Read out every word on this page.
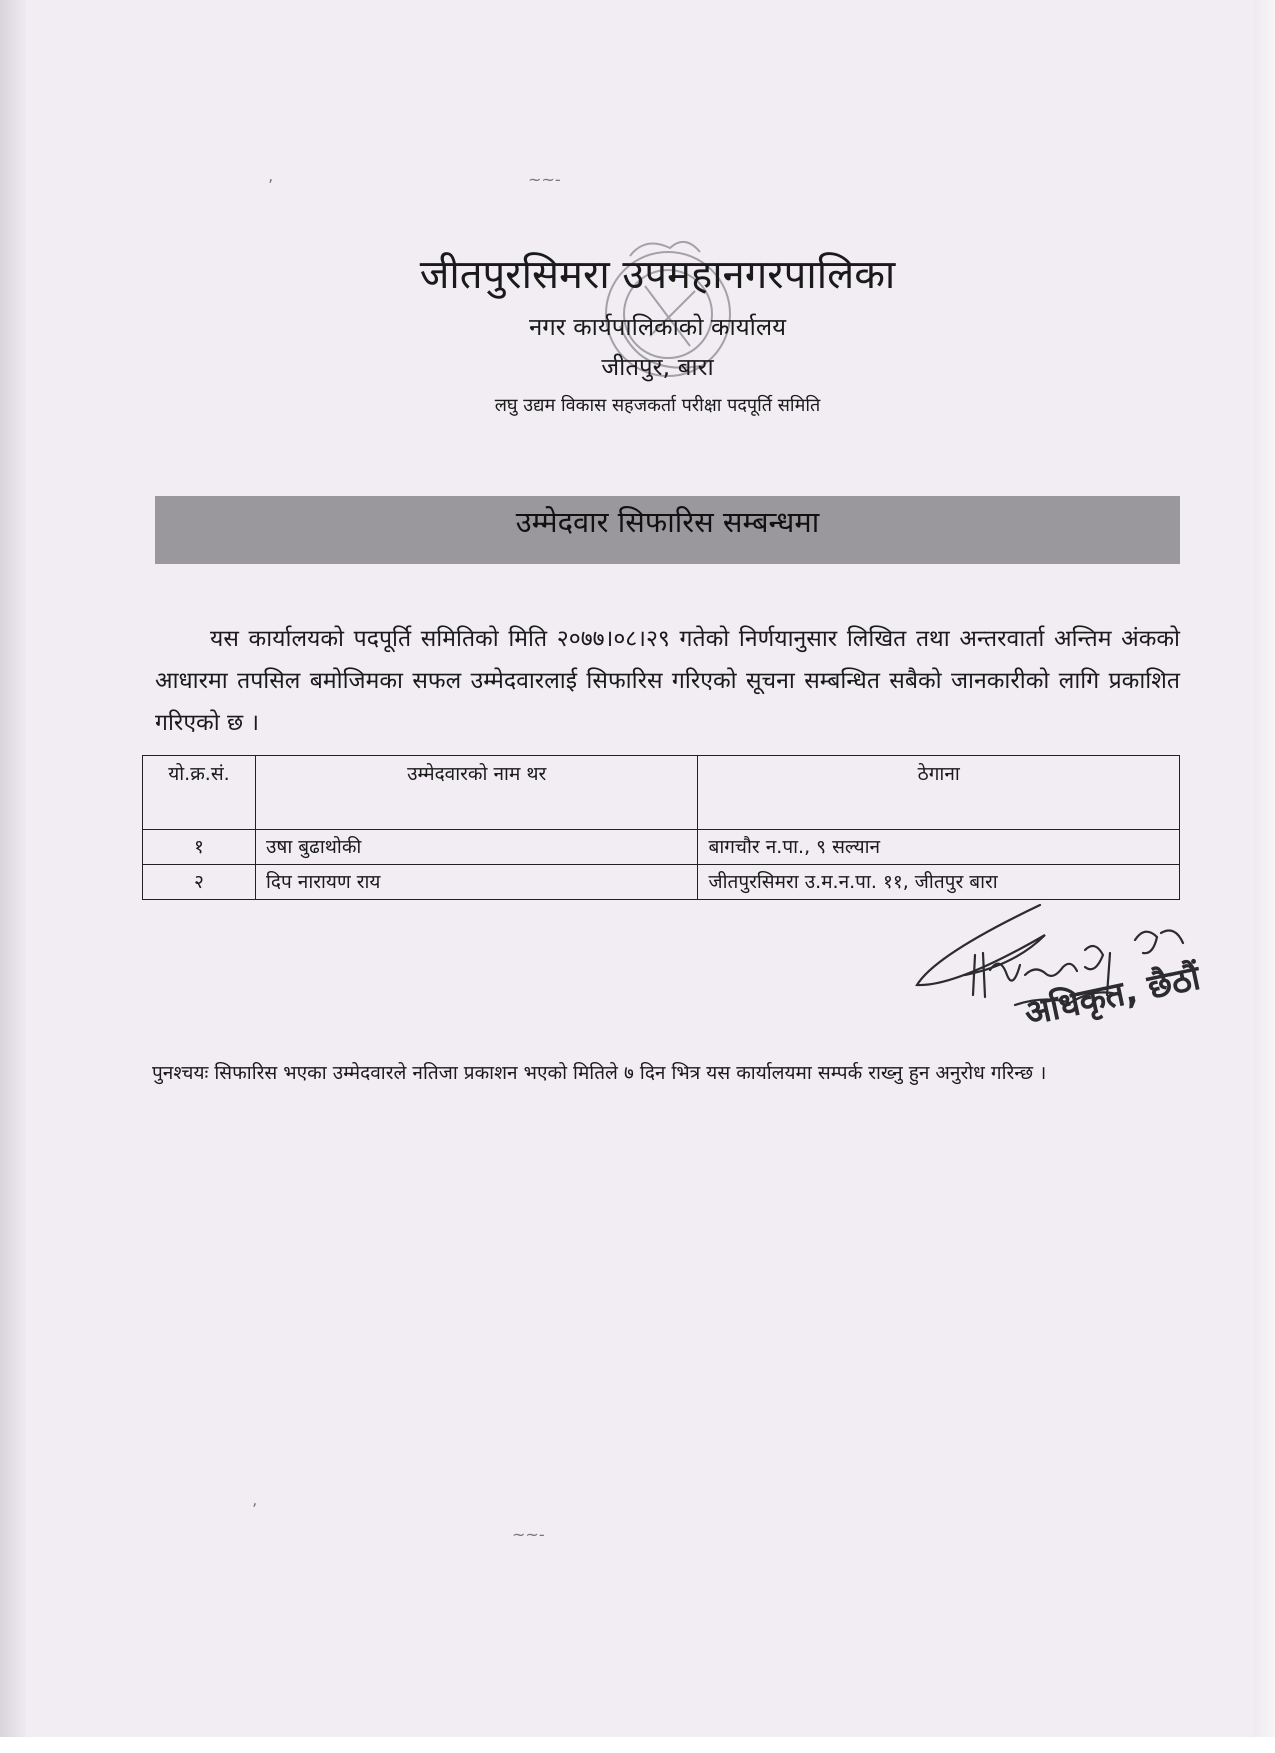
ʼ	~~-
ʼ
~~-
जीतपुरसिमरा उपमहानगरपालिका
नगर कार्यपालिकाको कार्यालय
जीतपुर, बारा
लघु उद्यम विकास सहजकर्ता परीक्षा पदपूर्ति समिति
उम्मेदवार सिफारिस सम्बन्धमा
यस कार्यालयको पदपूर्ति समितिको मिति २०७७।०८।२९ गतेको निर्णयानुसार लिखित तथा अन्तरवार्ता अन्तिम अंकको आधारमा तपसिल बमोजिमका सफल उम्मेदवारलाई सिफारिस गरिएको सूचना सम्बन्धित सबैको जानकारीको लागि प्रकाशित गरिएको छ ।
यो.क्र.सं.	उम्मेदवारको नाम थर	ठेगाना
१	उषा बुढाथोकी	बागचौर न.पा., ९ सल्यान
२	दिप नारायण राय	जीतपुरसिमरा उ.म.न.पा. ११, जीतपुर बारा
अधिकृत, छैठौं
पुनश्चयः सिफारिस भएका उम्मेदवारले नतिजा प्रकाशन भएको मितिले ७ दिन भित्र यस कार्यालयमा सम्पर्क राख्नु हुन अनुरोध गरिन्छ ।
